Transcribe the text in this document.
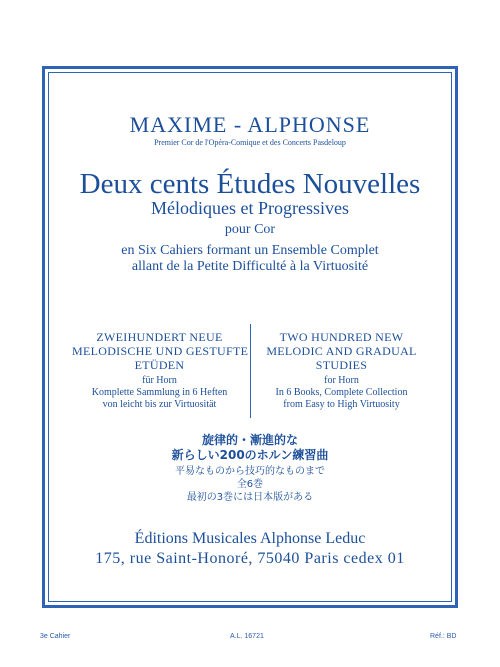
MAXIME - ALPHONSE
Premier Cor de l'Opéra-Comique et des Concerts Pasdeloup
Deux cents Études Nouvelles
Mélodiques et Progressives
pour Cor
en Six Cahiers formant un Ensemble Complet
allant de la Petite Difficulté à la Virtuosité
ZWEIHUNDERT NEUE
MELODISCHE UND GESTUFTE
ETÜDEN
für Horn
Komplette Sammlung in 6 Heften
von leicht bis zur Virtuosität
TWO HUNDRED NEW
MELODIC AND GRADUAL
STUDIES
for Horn
In 6 Books, Complete Collection
from Easy to High Virtuosity
旋律的・漸進的な
新らしい200のホルン練習曲
平易なものから技巧的なものまで
全6巻
最初の3巻には日本版がある
Éditions Musicales Alphonse Leduc
175, rue Saint-Honoré, 75040 Paris cedex 01
3e Cahier	A.L. 16721	Réf.: BD
